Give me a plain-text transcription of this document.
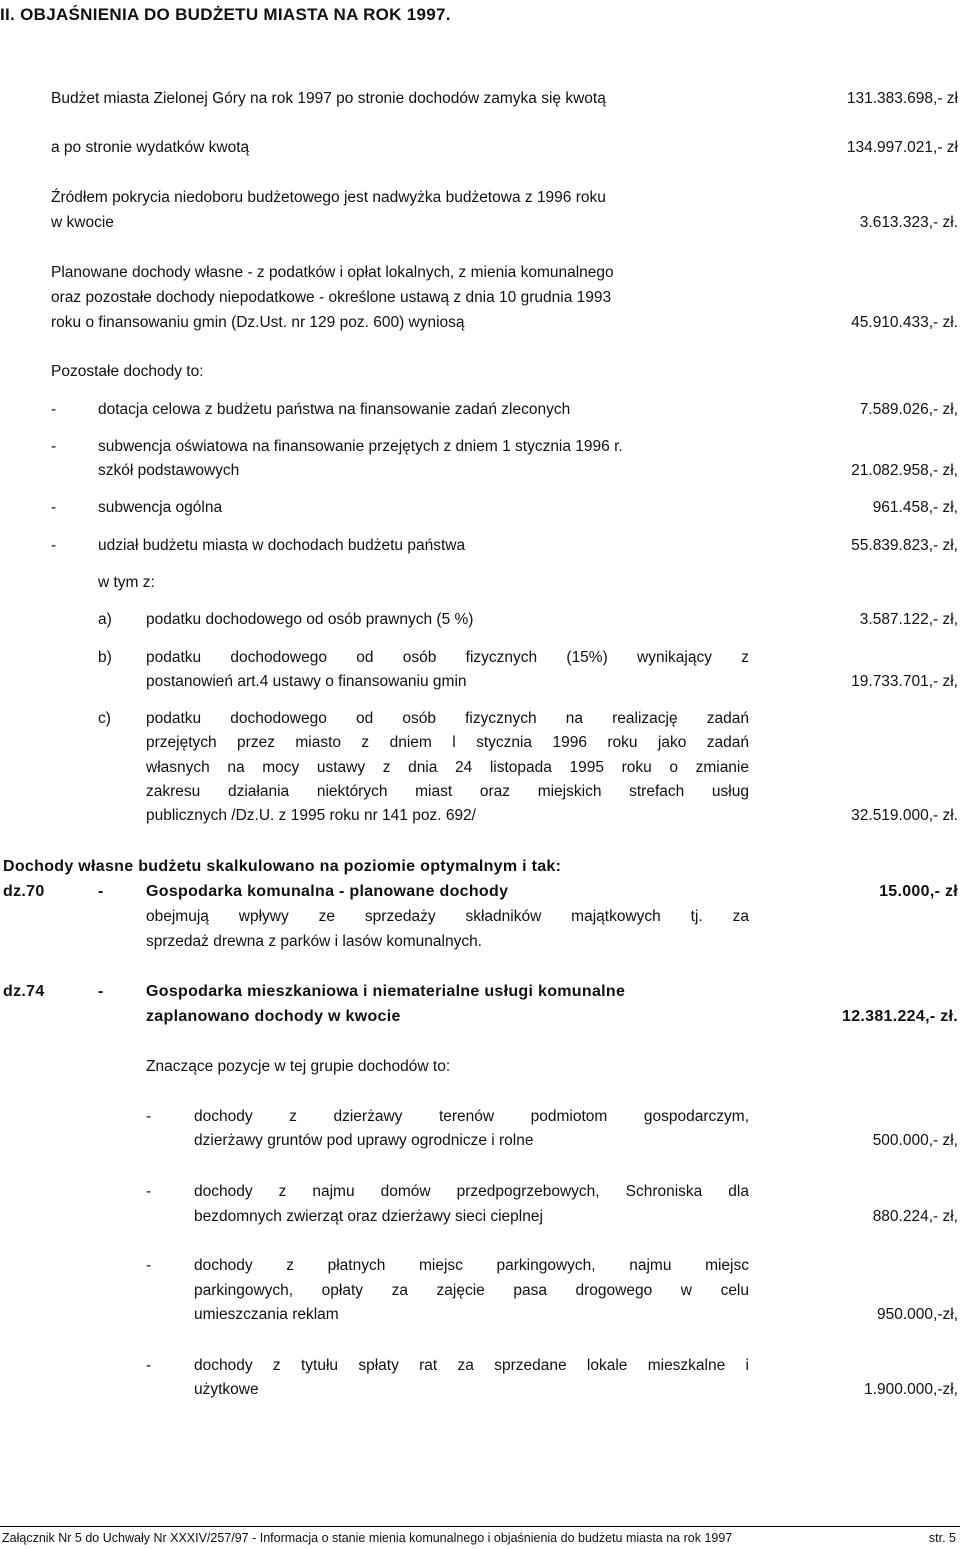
II. OBJAŚNIENIA DO BUDŻETU MIASTA NA ROK 1997.
Budżet miasta Zielonej Góry na rok 1997 po stronie dochodów zamyka się kwotą	131.383.698,- zł
a po stronie wydatków kwotą	134.997.021,- zł
Źródłem pokrycia niedoboru budżetowego jest nadwyżka budżetowa z 1996 roku
w kwocie	3.613.323,- zł.
Planowane dochody własne - z podatków i opłat lokalnych, z mienia komunalnego
oraz pozostałe dochody niepodatkowe - określone ustawą z dnia 10 grudnia 1993
roku o finansowaniu gmin (Dz.Ust. nr 129 poz. 600) wyniosą	45.910.433,- zł.
Pozostałe dochody to:
-	dotacja celowa z budżetu państwa na finansowanie zadań zleconych	7.589.026,- zł,
-	subwencja oświatowa na finansowanie przejętych z dniem 1 stycznia 1996 r.
szkół podstawowych	21.082.958,- zł,
-	subwencja ogólna	961.458,- zł,
-	udział budżetu miasta w dochodach budżetu państwa	55.839.823,- zł,
w tym z:
a) podatku dochodowego od osób prawnych (5 %)	3.587.122,- zł,
b) podatku dochodowego od osób fizycznych (15%) wynikający z
postanowień art.4 ustawy o finansowaniu gmin	19.733.701,- zł,
c) podatku dochodowego od osób fizycznych na realizację zadań
przejętych przez miasto z dniem l stycznia 1996 roku jako zadań
własnych na mocy ustawy z dnia 24 listopada 1995 roku o zmianie
zakresu działania niektórych miast oraz miejskich strefach usług
publicznych /Dz.U. z 1995 roku nr 141 poz. 692/	32.519.000,- zł.
Dochody własne budżetu skalkulowano na poziomie optymalnym i tak:
dz.70	-	Gospodarka komunalna - planowane dochody	15.000,- zł
obejmują wpływy ze sprzedaży składników majątkowych tj. za
sprzedaż drewna z parków i lasów komunalnych.
dz.74	-	Gospodarka mieszkaniowa i niematerialne usługi komunalne
zaplanowano dochody w kwocie	12.381.224,- zł.
Znaczące pozycje w tej grupie dochodów to:
-	dochody z dzierżawy terenów podmiotom gospodarczym,
dzierżawy gruntów pod uprawy ogrodnicze i rolne	500.000,- zł,
-	dochody z najmu domów przedpogrzebowych, Schroniska dla
bezdomnych zwierząt oraz dzierżawy sieci cieplnej	880.224,- zł,
-	dochody z płatnych miejsc parkingowych, najmu miejsc
parkingowych, opłaty za zajęcie pasa drogowego w celu
umieszczania reklam	950.000,-zł,
-	dochody z tytułu spłaty rat za sprzedane lokale mieszkalne i
użytkowe	1.900.000,-zł,
Załącznik Nr 5 do Uchwały Nr XXXIV/257/97 - Informacja o stanie mienia komunalnego i objaśnienia do budżetu miasta na rok 1997	str. 5
